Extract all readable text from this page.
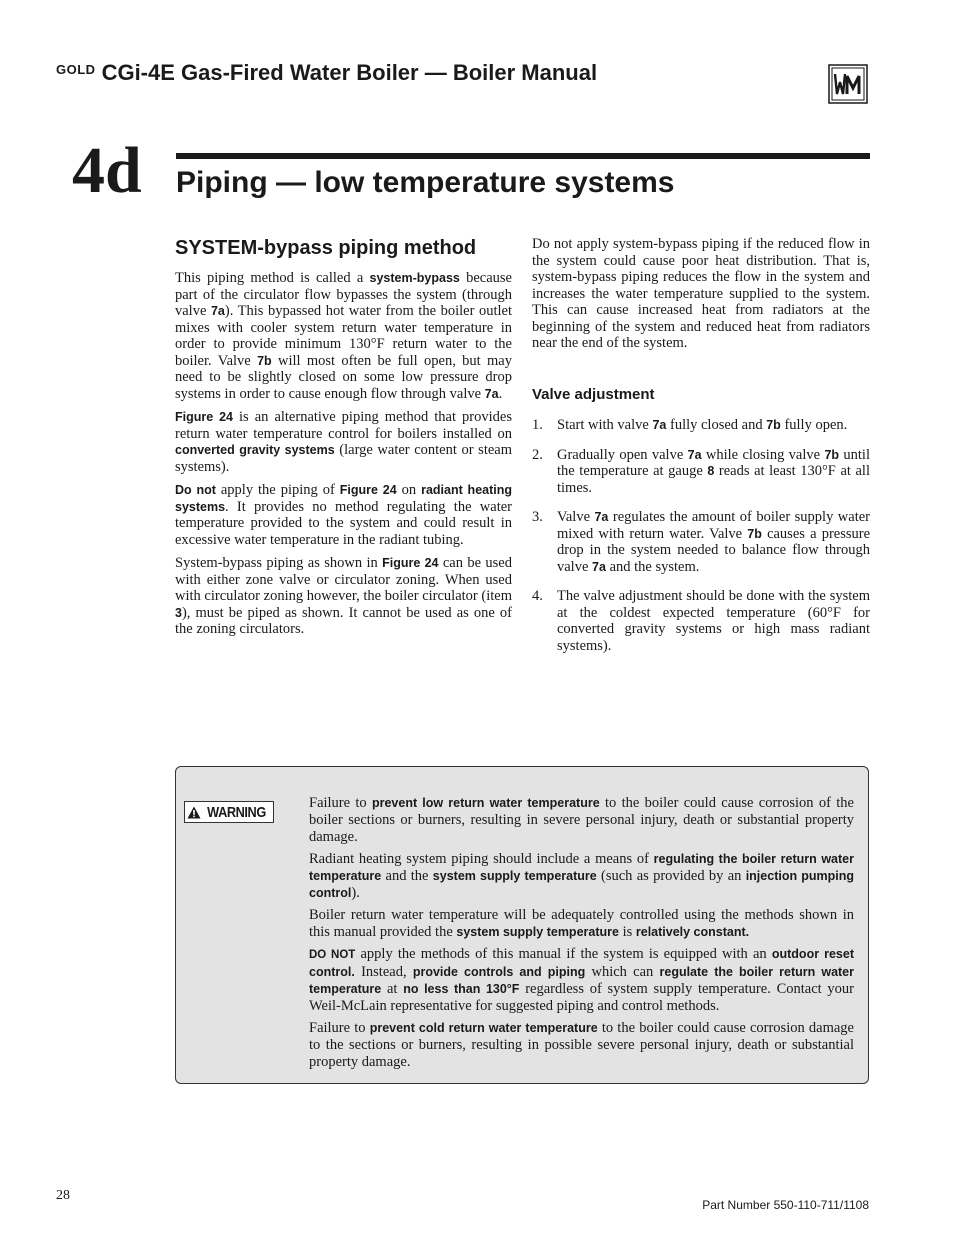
$^{GOLD}$ CGi-4E Gas-Fired Water Boiler — Boiler Manual
4d Piping — low temperature systems
SYSTEM-bypass piping method

This piping method is called a system-bypass because part of the circulator flow bypasses the system (through valve 7a). This bypassed hot water from the boiler outlet mixes with cooler system return water temperature in order to provide minimum 130°F return water to the boiler. Valve 7b will most often be full open, but may need to be slightly closed on some low pressure drop systems in order to cause enough flow through valve 7a.

Figure 24 is an alternative piping method that provides return water temperature control for boilers installed on converted gravity systems (large water content or steam systems).

Do not apply the piping of Figure 24 on radiant heating systems. It provides no method regulating the water temperature provided to the system and could result in excessive water temperature in the radiant tubing.

System-bypass piping as shown in Figure 24 can be used with either zone valve or circulator zoning. When used with circulator zoning however, the boiler circulator (item 3), must be piped as shown. It cannot be used as one of the zoning circulators.

Do not apply system-bypass piping if the reduced flow in the system could cause poor heat distribution. That is, system-bypass piping reduces the flow in the system and increases the water temperature supplied to the system. This can cause increased heat from radiators at the beginning of the system and reduced heat from radiators near the end of the system.

Valve adjustment
1. Start with valve 7a fully closed and 7b fully open.
2. Gradually open valve 7a while closing valve 7b until the temperature at gauge 8 reads at least 130°F at all times.
3. Valve 7a regulates the amount of boiler supply water mixed with return water. Valve 7b causes a pressure drop in the system needed to balance flow through valve 7a and the system.
4. The valve adjustment should be done with the system at the coldest expected temperature (60°F for converted gravity systems or high mass radiant systems).
WARNING

Failure to prevent low return water temperature to the boiler could cause corrosion of the boiler sections or burners, resulting in severe personal injury, death or substantial property damage.

Radiant heating system piping should include a means of regulating the boiler return water temperature and the system supply temperature (such as provided by an injection pumping control).

Boiler return water temperature will be adequately controlled using the methods shown in this manual provided the system supply temperature is relatively constant.

DO NOT apply the methods of this manual if the system is equipped with an outdoor reset control. Instead, provide controls and piping which can regulate the boiler return water temperature at no less than 130°F regardless of system supply temperature. Contact your Weil-McLain representative for suggested piping and control methods.

Failure to prevent cold return water temperature to the boiler could cause corrosion damage to the sections or burners, resulting in possible severe personal injury, death or substantial property damage.

28
Part Number 550-110-711/1108
